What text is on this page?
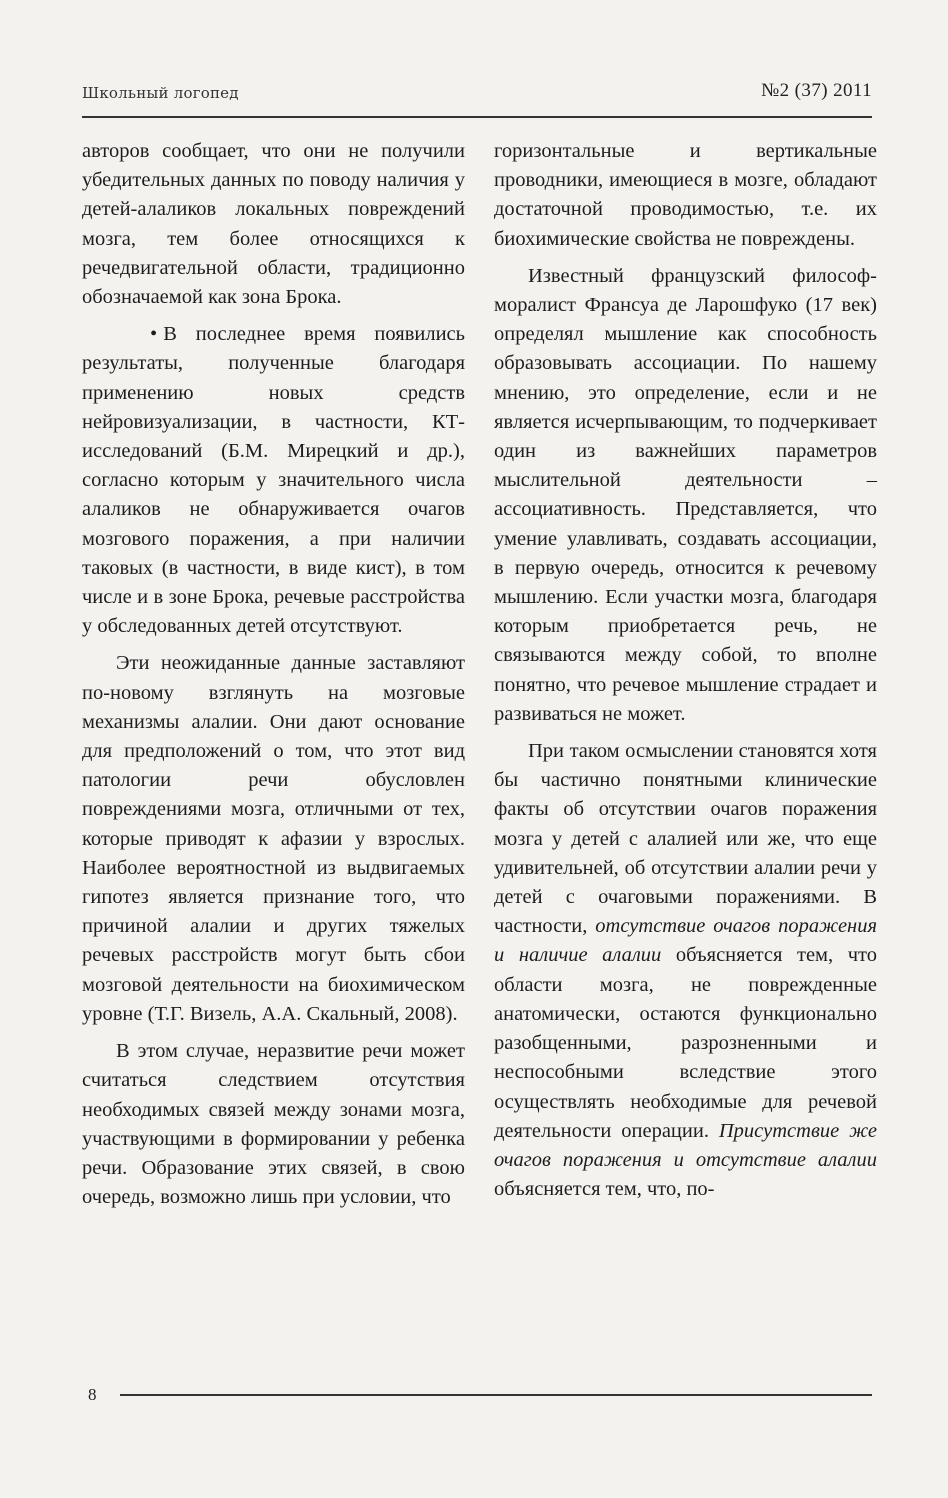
Школьный логопед	№2 (37) 2011

авторов сообщает, что они не получили убедительных данных по поводу наличия у детей-алаликов локальных повреждений мозга, тем более относящихся к речедвигательной области, традиционно обозначаемой как зона Брока.

• В последнее время появились результаты, полученные благодаря применению новых средств нейровизуализации, в частности, КТ-исследований (Б.М. Мирецкий и др.), согласно которым у значительного числа алаликов не обнаруживается очагов мозгового поражения, а при наличии таковых (в частности, в виде кист), в том числе и в зоне Брока, речевые расстройства у обследованных детей отсутствуют.

Эти неожиданные данные заставляют по-новому взглянуть на мозговые механизмы алалии. Они дают основание для предположений о том, что этот вид патологии речи обусловлен повреждениями мозга, отличными от тех, которые приводят к афазии у взрослых. Наиболее вероятностной из выдвигаемых гипотез является признание того, что причиной алалии и других тяжелых речевых расстройств могут быть сбои мозговой деятельности на биохимическом уровне (Т.Г. Визель, А.А. Скальный, 2008).

В этом случае, неразвитие речи может считаться следствием отсутствия необходимых связей между зонами мозга, участвующими в формировании у ребенка речи. Образование этих связей, в свою очередь, возможно лишь при условии, что

горизонтальные и вертикальные проводники, имеющиеся в мозге, обладают достаточной проводимостью, т.е. их биохимические свойства не повреждены.

Известный французский философ- моралист Франсуа де Ларошфуко (17 век) определял мышление как способность образовывать ассоциации. По нашему мнению, это определение, если и не является исчерпывающим, то подчеркивает один из важнейших параметров мыслительной деятельности – ассоциативность. Представляется, что умение улавливать, создавать ассоциации, в первую очередь, относится к речевому мышлению. Если участки мозга, благодаря которым приобретается речь, не связываются между собой, то вполне понятно, что речевое мышление страдает и развиваться не может.

При таком осмыслении становятся хотя бы частично понятными клинические факты об отсутствии очагов поражения мозга у детей с алалией или же, что еще удивительней, об отсутствии алалии речи у детей с очаговыми поражениями. В частности, отсутствие очагов поражения и наличие алалии объясняется тем, что области мозга, не поврежденные анатомически, остаются функционально разобщенными, разрозненными и неспособными вследствие этого осуществлять необходимые для речевой деятельности операции. Присутствие же очагов поражения и отсутствие алалии объясняется тем, что, по-

8
